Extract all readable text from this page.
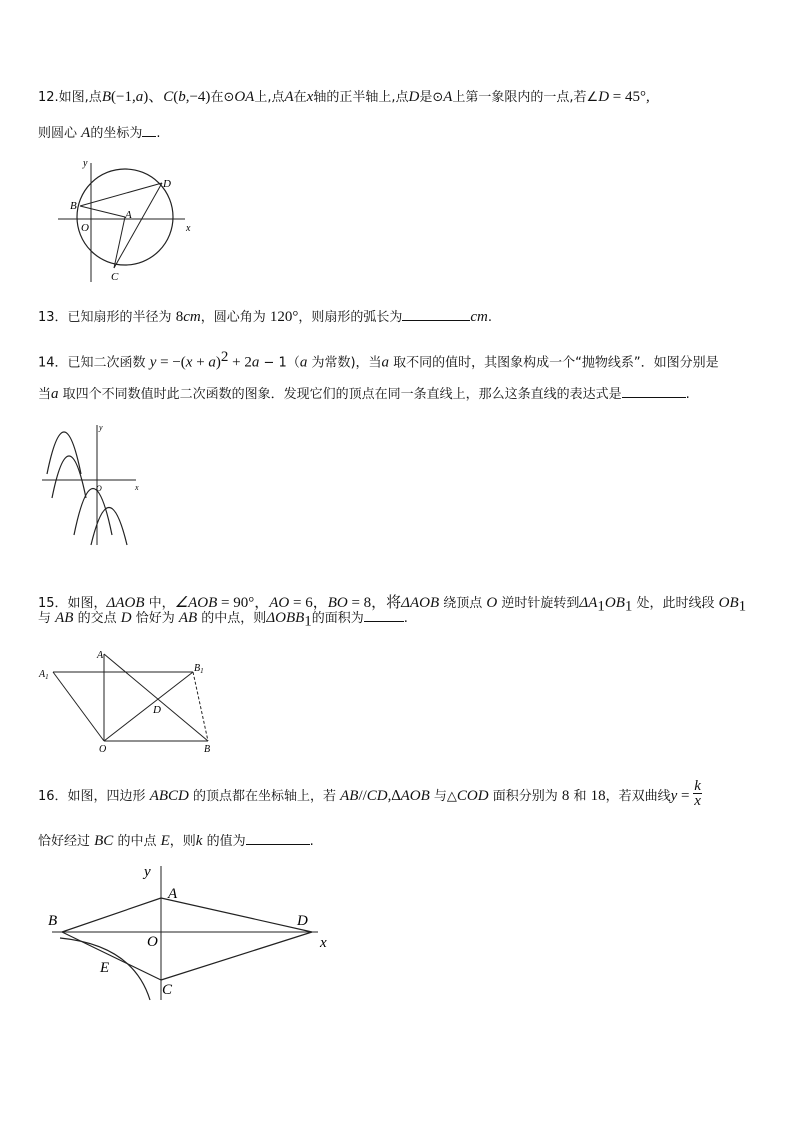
12.如图,点B(−1,a)、C(b,−4)在⊙OA上,点A在x轴的正半轴上,点D是⊙A上第一象限内的一点,若∠D = 45°,
则圆心 A的坐标为 .
y
D
B
A
O	x
C
13．已知扇形的半径为 8cm，圆心角为 120°，则扇形的弧长为	cm.
14．已知二次函数 $y = -(x + a)^2 + 2a - 1(a$ 为常数)，当a 取不同的值时，其图象构成一个“抛物线系”．如图分别是
当a 取四个不同数值时此二次函数的图象．发现它们的顶点在同一条直线上，那么这条直线的表达式是	.
y
x
O
15．如图，ΔAOB 中，∠AOB = 90°，AO = 6，BO = 8，将ΔAOB 绕顶点 O 逆时针旋转到$\Delta A_1OB_1$ 处，此时线段 $OB_1$
与 AB 的交点 D 恰好为 AB 的中点，则$\Delta OBB_1$的面积为	.
A
$A_1$
$B_1$
D
O	B
16．如图，四边形 ABCD 的顶点都在坐标轴上，若 AB//CD,∆AOB 与△COD 面积分别为 8 和 18，若双曲线$y = \frac{k}{x}$
恰好经过 BC 的中点 E，则k 的值为	.
y
A
B	D
O	x
E
C
